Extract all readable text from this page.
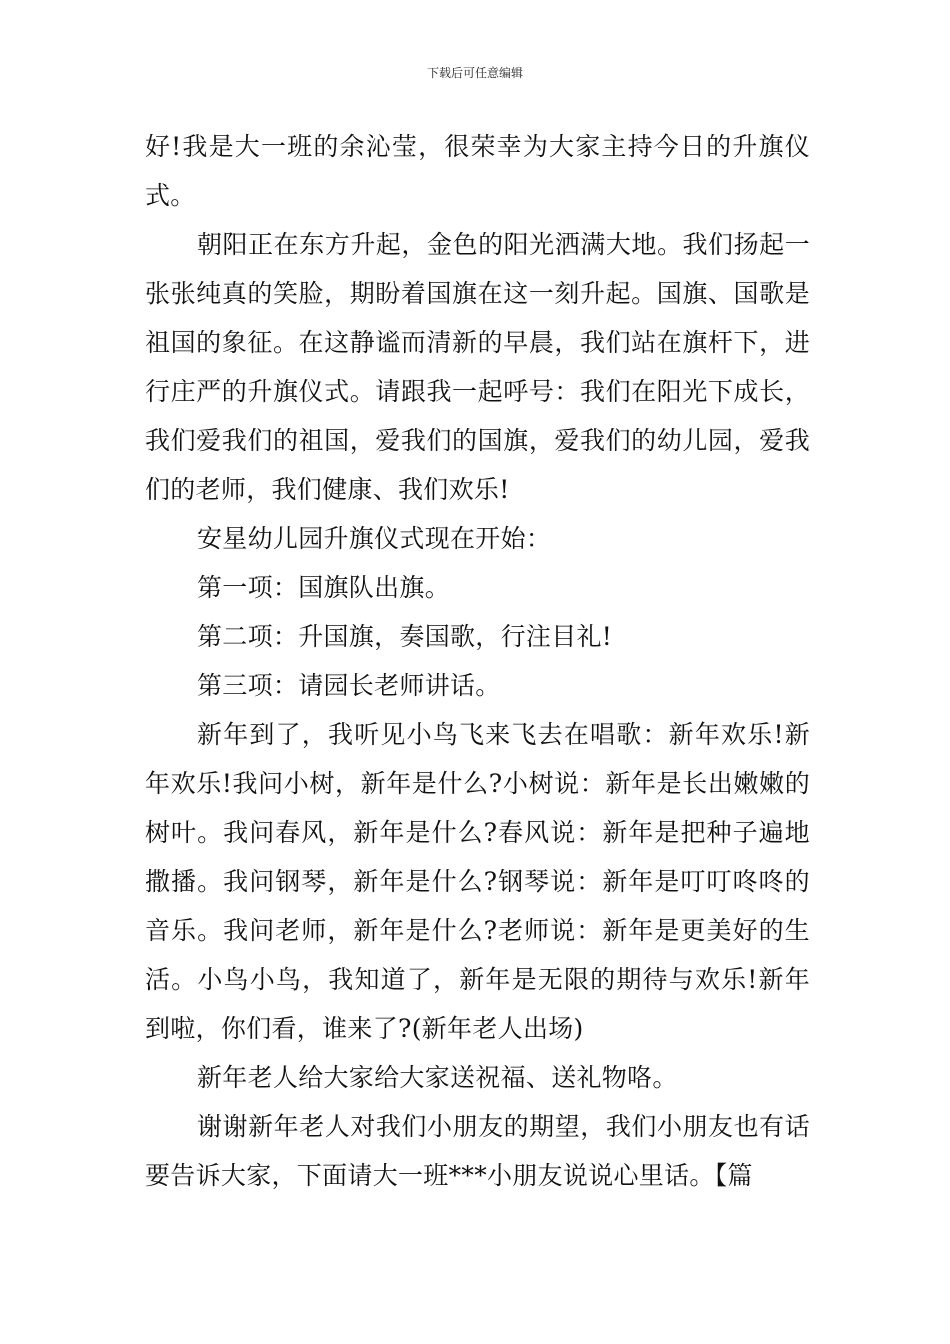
下载后可任意编辑

好!我是大一班的余沁莹，很荣幸为大家主持今日的升旗仪式。

朝阳正在东方升起，金色的阳光洒满大地。我们扬起一张张纯真的笑脸，期盼着国旗在这一刻升起。国旗、国歌是祖国的象征。在这静谧而清新的早晨，我们站在旗杆下，进行庄严的升旗仪式。请跟我一起呼号：我们在阳光下成长，我们爱我们的祖国，爱我们的国旗，爱我们的幼儿园，爱我们的老师，我们健康、我们欢乐!

安星幼儿园升旗仪式现在开始：

第一项：国旗队出旗。

第二项：升国旗，奏国歌，行注目礼!

第三项：请园长老师讲话。

新年到了，我听见小鸟飞来飞去在唱歌：新年欢乐!新年欢乐!我问小树，新年是什么?小树说：新年是长出嫩嫩的树叶。我问春风，新年是什么?春风说：新年是把种子遍地撒播。我问钢琴，新年是什么?钢琴说：新年是叮叮咚咚的音乐。我问老师，新年是什么?老师说：新年是更美好的生活。小鸟小鸟，我知道了，新年是无限的期待与欢乐!新年到啦，你们看，谁来了?(新年老人出场)

新年老人给大家给大家送祝福、送礼物咯。

谢谢新年老人对我们小朋友的期望，我们小朋友也有话要告诉大家，下面请大一班***小朋友说说心里话。【篇
